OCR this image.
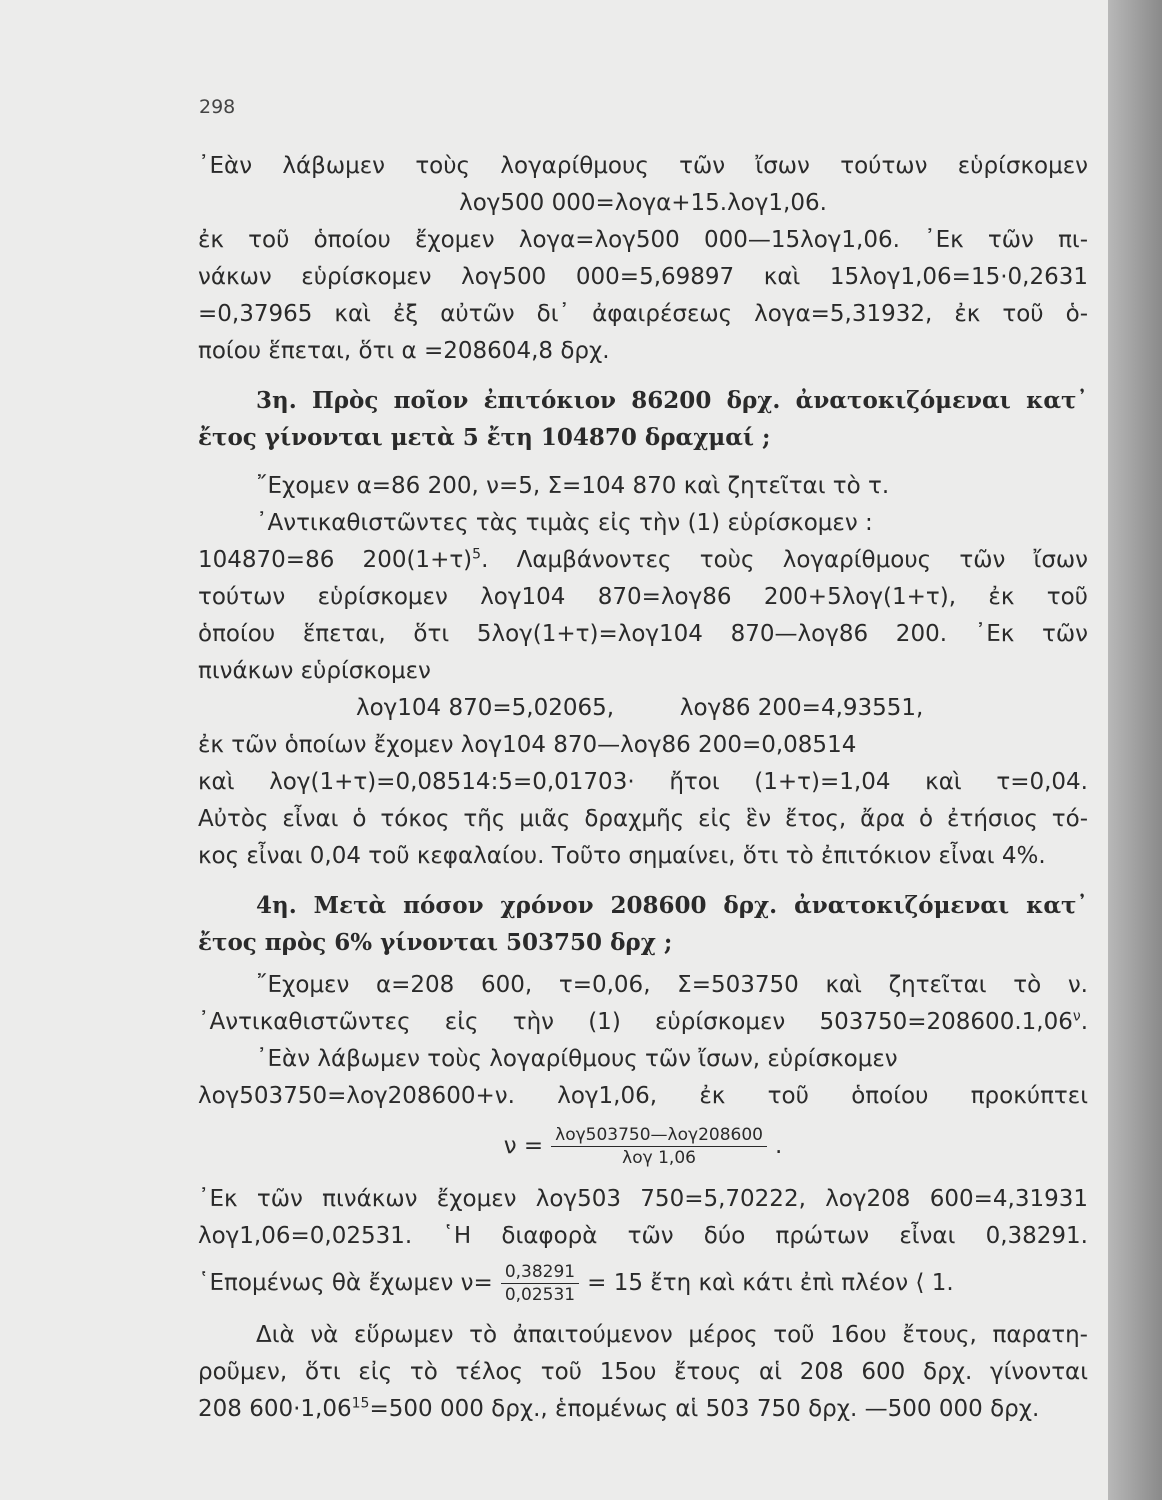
298
᾿Εὰν λάβωμεν τοὺς λογαρίθμους τῶν ἴσων τούτων εὑρίσκομεν
λογ500 000=λογα+15.λογ1,06.
ἐκ τοῦ ὁποίου ἔχομεν λογα=λογ500 000—15λογ1,06. ᾿Εκ τῶν πι-
νάκων εὑρίσκομεν λογ500 000=5,69897 καὶ 15λογ1,06=15·0,2631
=0,37965 καὶ ἐξ αὐτῶν δι᾿ ἀφαιρέσεως λογα=5,31932, ἐκ τοῦ ὁ-
ποίου ἕπεται, ὅτι α =208604,8 δρχ.
3η. Πρὸς ποῖον ἐπιτόκιον 86200 δρχ. ἀνατοκιζόμεναι κατ᾿
ἔτος γίνονται μετὰ 5 ἔτη 104870 δραχμαί ;
῎Εχομεν α=86 200, ν=5, Σ=104 870 καὶ ζητεῖται τὸ τ.
᾿Αντικαθιστῶντες τὰς τιμὰς εἰς τὴν (1) εὑρίσκομεν :
104870=86 $200(1+\tau)^5$. Λαμβάνοντες τοὺς λογαρίθμους τῶν ἴσων
τούτων εὑρίσκομεν λογ104 870=λογ86 200+5λογ(1+τ), ἐκ τοῦ
ὁποίου ἕπεται, ὅτι 5λογ(1+τ)=λογ104 870—λογ86 200. ᾿Εκ τῶν
πινάκων εὑρίσκομεν
λογ104 870=5,02065,         λογ86 200=4,93551,
ἐκ τῶν ὁποίων ἔχομεν λογ104 870—λογ86 200=0,08514
καὶ λογ(1+τ)=0,08514:5=0,01703· ἤτοι (1+τ)=1,04 καὶ τ=0,04.
Αὐτὸς εἶναι ὁ τόκος τῆς μιᾶς δραχμῆς εἰς ἓν ἔτος, ἄρα ὁ ἐτήσιος τό-
κος εἶναι 0,04 τοῦ κεφαλαίου. Τοῦτο σημαίνει, ὅτι τὸ ἐπιτόκιον εἶναι 4%.
4η. Μετὰ πόσον χρόνον 208600 δρχ. ἀνατοκιζόμεναι κατ᾿
ἔτος πρὸς 6% γίνονται 503750 δρχ ;
῎Εχομεν α=208 600, τ=0,06, Σ=503750 καὶ ζητεῖται τὸ ν.
᾿Αντικαθιστῶντες εἰς τὴν (1) εὑρίσκομεν $503750=208600.1,06^\nu$.
᾿Εὰν λάβωμεν τοὺς λογαρίθμους τῶν ἴσων, εὑρίσκομεν
λογ503750=λογ208600+ν. λογ1,06, ἐκ τοῦ ὁποίου προκύπτει
$\nu = \frac{\text{λογ503750—λογ208600}}{\text{λογ 1,06}}$ .
᾿Εκ τῶν πινάκων ἔχομεν λογ503 750=5,70222, λογ208 600=4,31931
λογ1,06=0,02531. ῾Η διαφορὰ τῶν δύο πρώτων εἶναι 0,38291.
῾Επομένως θὰ ἔχωμεν $\nu= \frac{0,38291}{0,02531} = 15$ ἔτη καὶ κάτι ἐπὶ πλέον ⟨ 1.
Διὰ νὰ εὕρωμεν τὸ ἀπαιτούμενον μέρος τοῦ 16ου ἔτους, παρατη-
ροῦμεν, ὅτι εἰς τὸ τέλος τοῦ 15ου ἔτους αἱ 208 600 δρχ. γίνονται
208 $600\cdot 1,06^{15}=500$ 000 δρχ., ἑπομένως αἱ 503 750 δρχ. —500 000 δρχ.
